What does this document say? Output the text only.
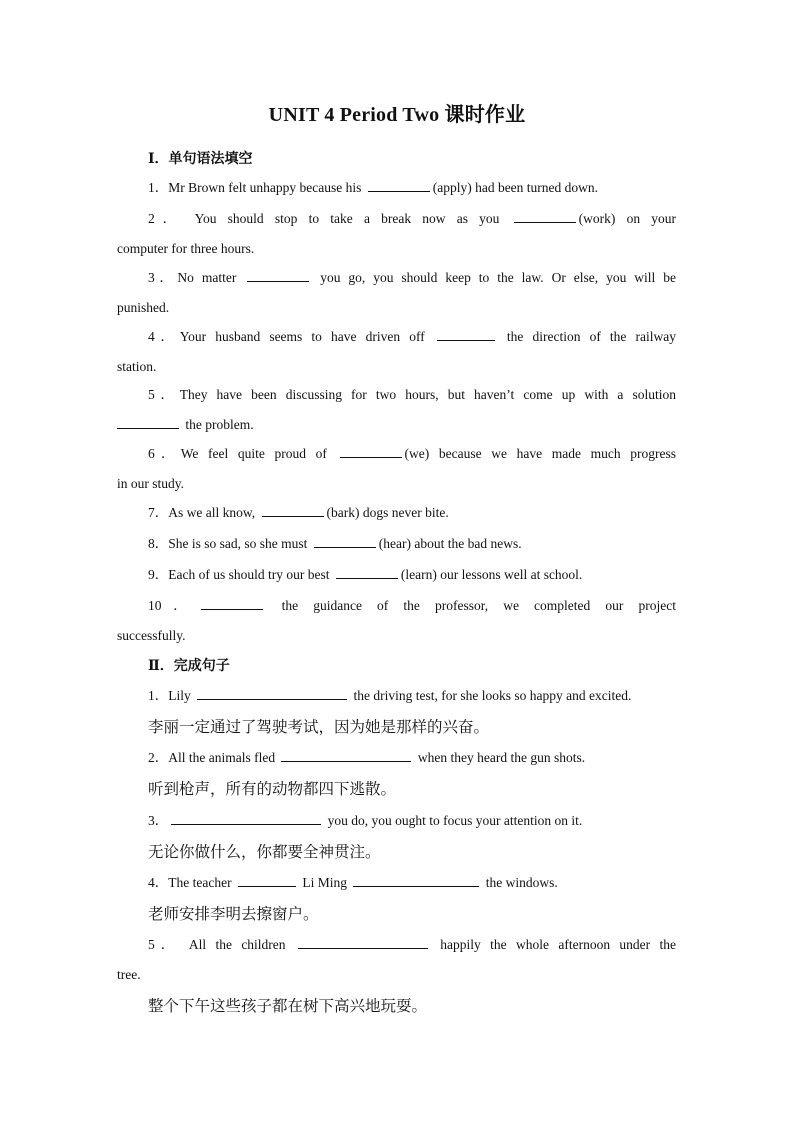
UNIT 4 Period Two 课时作业
Ⅰ．单句语法填空
1．Mr Brown felt unhappy because his	(apply) had been turned down.
2． You should stop to take a break now as you	(work) on your
computer for three hours.
3．No matter	you go, you should keep to the law. Or else, you will be
punished.
4．Your husband seems to have driven off	the direction of the railway
station.
5．They have been discussing for two hours, but haven’t come up with a solution
the problem.
6．We feel quite proud of	(we) because we have made much progress
in our study.
7．As we all know,	(bark) dogs never bite.
8．She is so sad, so she must	(hear) about the bad news.
9．Each of us should try our best	(learn) our lessons well at school.
10．	the guidance of the professor, we completed our project
successfully.
Ⅱ．完成句子
1．Lily	the driving test, for she looks so happy and excited.
李丽一定通过了驾驶考试，因为她是那样的兴奋。
2．All the animals fled	when they heard the gun shots.
听到枪声，所有的动物都四下逃散。
3．	you do, you ought to focus your attention on it.
无论你做什么，你都要全神贯注。
4．The teacher	Li Ming	the windows.
老师安排李明去擦窗户。
5． All the children	happily the whole afternoon under the
tree.
整个下午这些孩子都在树下高兴地玩耍。
